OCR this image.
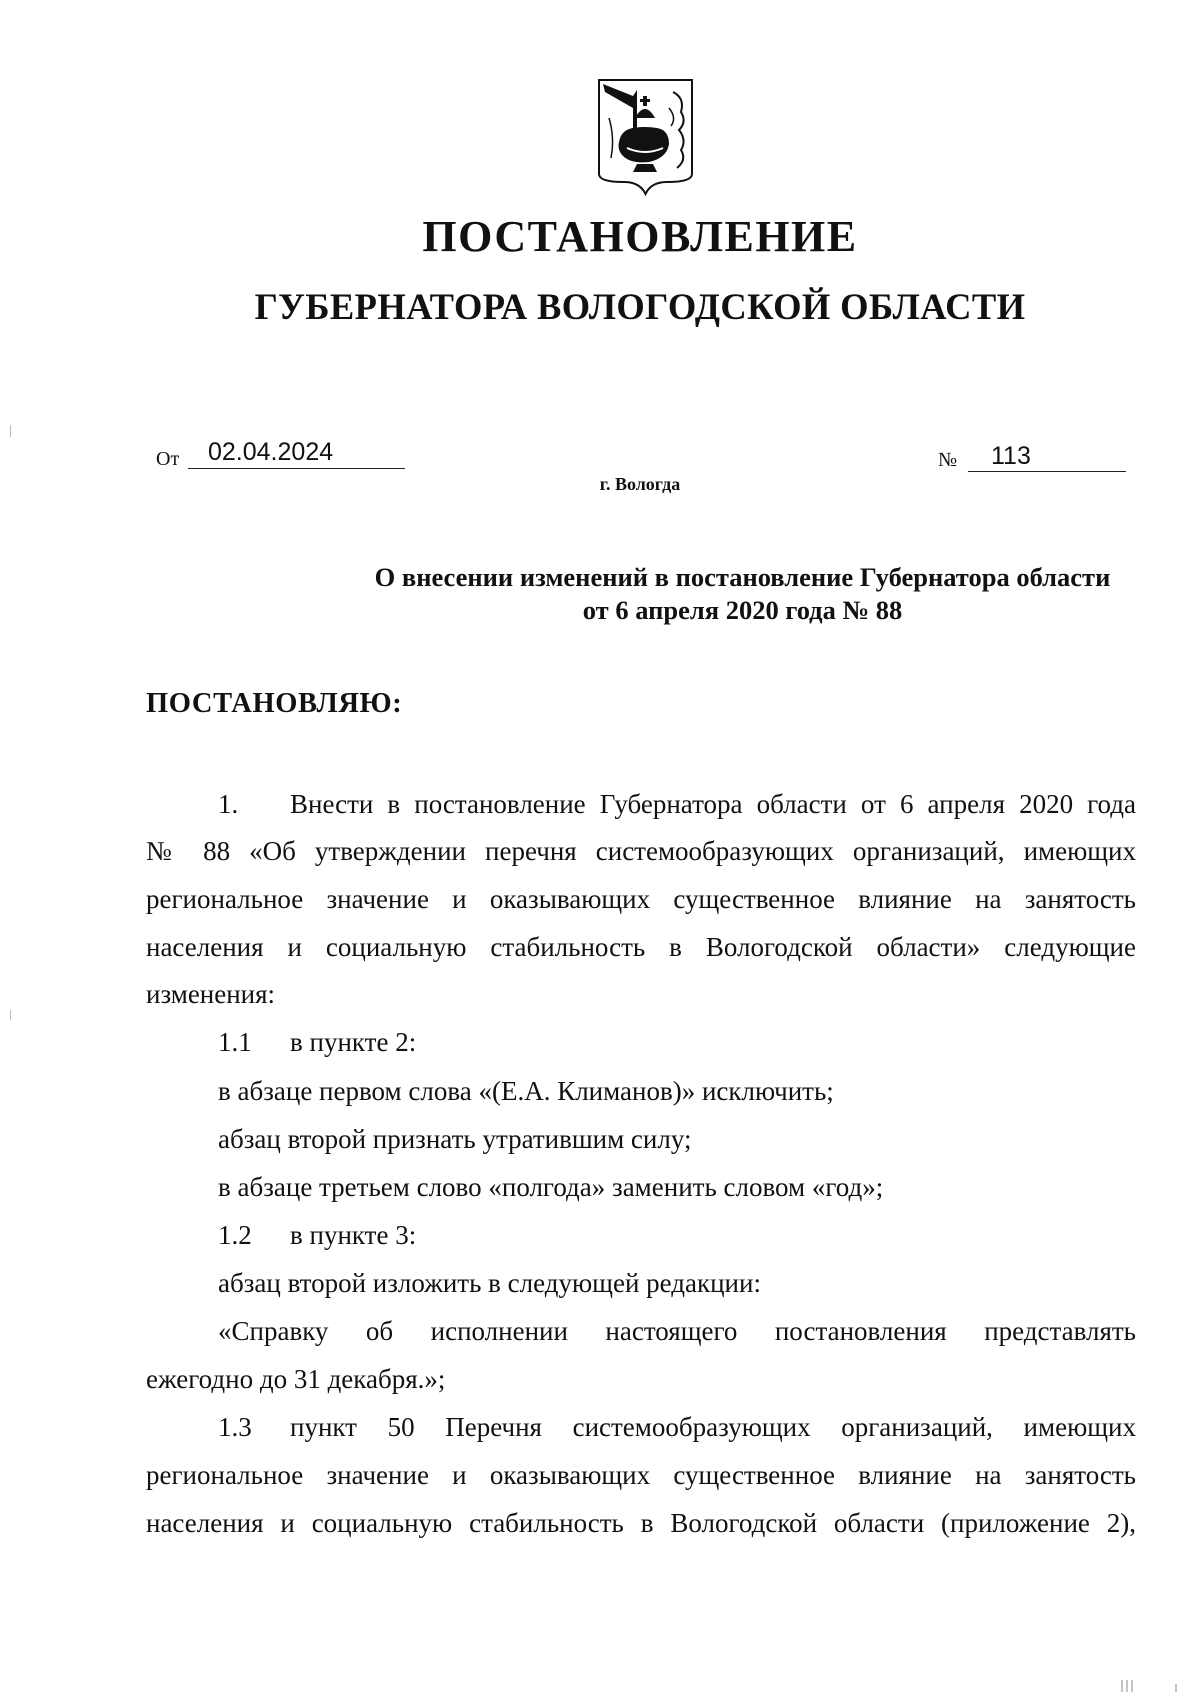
ПОСТАНОВЛЕНИЕ
ГУБЕРНАТОРА ВОЛОГОДСКОЙ ОБЛАСТИ
От 02.04.2024	№ 113
г. Вологда
О внесении изменений в постановление Губернатора области
от 6 апреля 2020 года № 88
ПОСТАНОВЛЯЮ:
1. Внести в постановление Губернатора области от 6 апреля 2020 года
№ 88 «Об утверждении перечня системообразующих организаций, имеющих
региональное значение и оказывающих существенное влияние на занятость
населения и социальную стабильность в Вологодской области» следующие
изменения:
1.1 в пункте 2:
в абзаце первом слова «(Е.А. Климанов)» исключить;
абзац второй признать утратившим силу;
в абзаце третьем слово «полгода» заменить словом «год»;
1.2 в пункте 3:
абзац второй изложить в следующей редакции:
«Справку об исполнении настоящего постановления представлять
ежегодно до 31 декабря.»;
1.3 пункт 50 Перечня системообразующих организаций, имеющих
региональное значение и оказывающих существенное влияние на занятость
населения и социальную стабильность в Вологодской области (приложение 2),
